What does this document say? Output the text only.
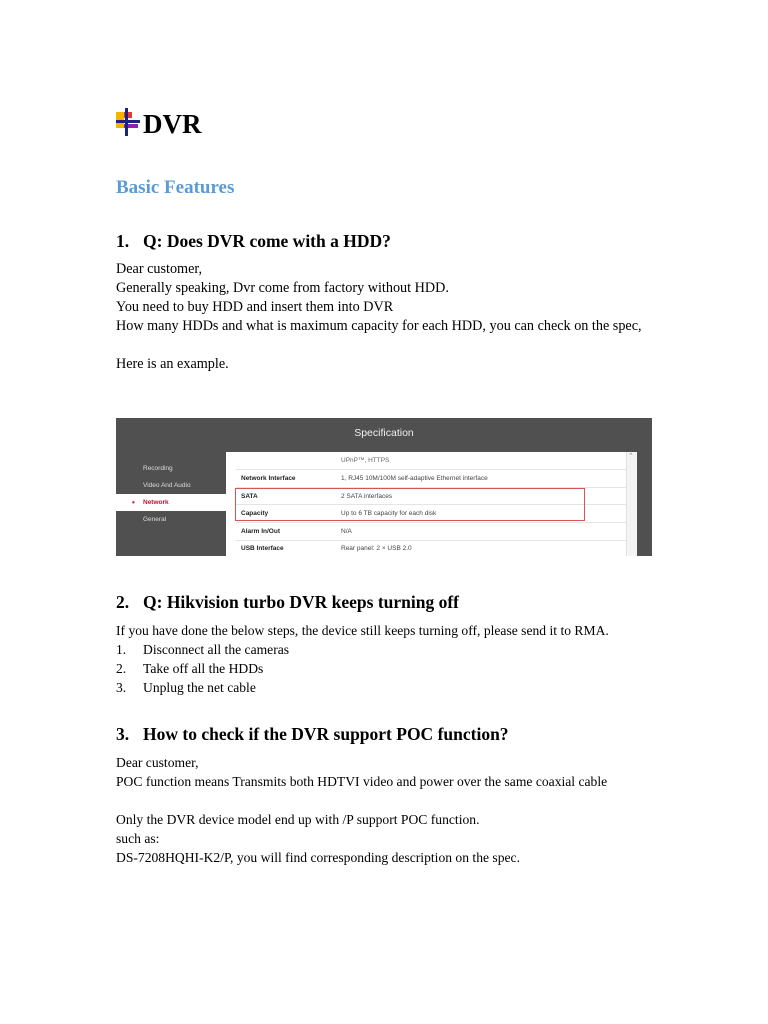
DVR
Basic Features
1. Q: Does DVR come with a HDD?
Dear customer,
Generally speaking, Dvr come from factory without HDD.
You need to buy HDD and insert them into DVR
How many HDDs and what is maximum capacity for each HDD, you can check on the spec,
Here is an example.
Specification
Recording
Video And Audio
• Network
General
UPnP™, HTTPS
Network Interface	1, RJ45 10M/100M self-adaptive Ethernet interface
SATA	2 SATA interfaces
Capacity	Up to 6 TB capacity for each disk
Alarm In/Out	N/A
USB Interface	Rear panel: 2 × USB 2.0
⌃
2. Q: Hikvision turbo DVR keeps turning off
If you have done the below steps, the device still keeps turning off, please send it to RMA.
1. Disconnect all the cameras
2. Take off all the HDDs
3. Unplug the net cable
3. How to check if the DVR support POC function?
Dear customer,
POC function means Transmits both HDTVI video and power over the same coaxial cable
Only the DVR device model end up with /P support POC function.
such as:
DS-7208HQHI-K2/P, you will find corresponding description on the spec.
